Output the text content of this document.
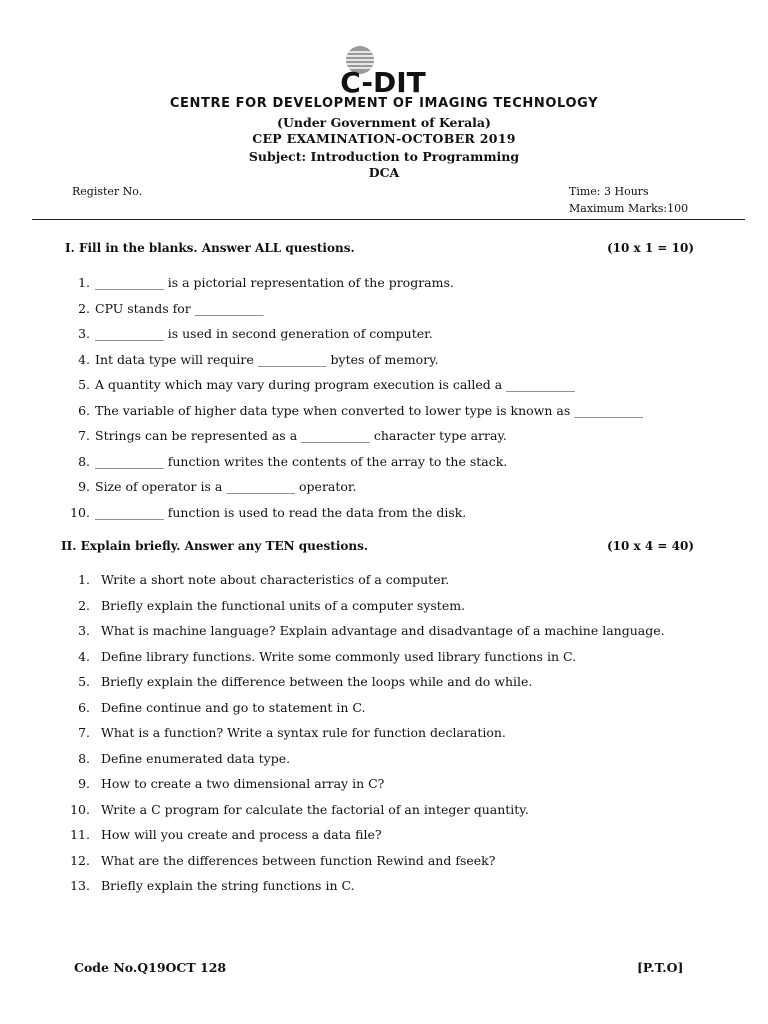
C-DIT
CENTRE FOR DEVELOPMENT OF IMAGING TECHNOLOGY
(Under Government of Kerala)
CEP EXAMINATION-OCTOBER 2019
Subject: Introduction to Programming
DCA
Register No.	Time: 3 Hours
Maximum Marks:100
I. Fill in the blanks. Answer ALL questions.	(10 x 1 = 10)
1. ___________ is a pictorial representation of the programs.
2. CPU stands for ___________
3. ___________ is used in second generation of computer.
4. Int data type will require ___________ bytes of memory.
5. A quantity which may vary during program execution is called a ___________
6. The variable of higher data type when converted to lower type is known as ___________
7. Strings can be represented as a ___________ character type array.
8. ___________ function writes the contents of the array to the stack.
9. Size of operator is a ___________ operator.
10. ___________ function is used to read the data from the disk.
II. Explain briefly. Answer any TEN questions.	(10 x 4 = 40)
1. Write a short note about characteristics of a computer.
2. Briefly explain the functional units of a computer system.
3. What is machine language? Explain advantage and disadvantage of a machine language.
4. Define library functions. Write some commonly used library functions in C.
5. Briefly explain the difference between the loops while and do while.
6. Define continue and go to statement in C.
7. What is a function? Write a syntax rule for function declaration.
8. Define enumerated data type.
9. How to create a two dimensional array in C?
10. Write a C program for calculate the factorial of an integer quantity.
11. How will you create and process a data file?
12. What are the differences between function Rewind and fseek?
13. Briefly explain the string functions in C.
Code No.Q19OCT 128	[P.T.O]
